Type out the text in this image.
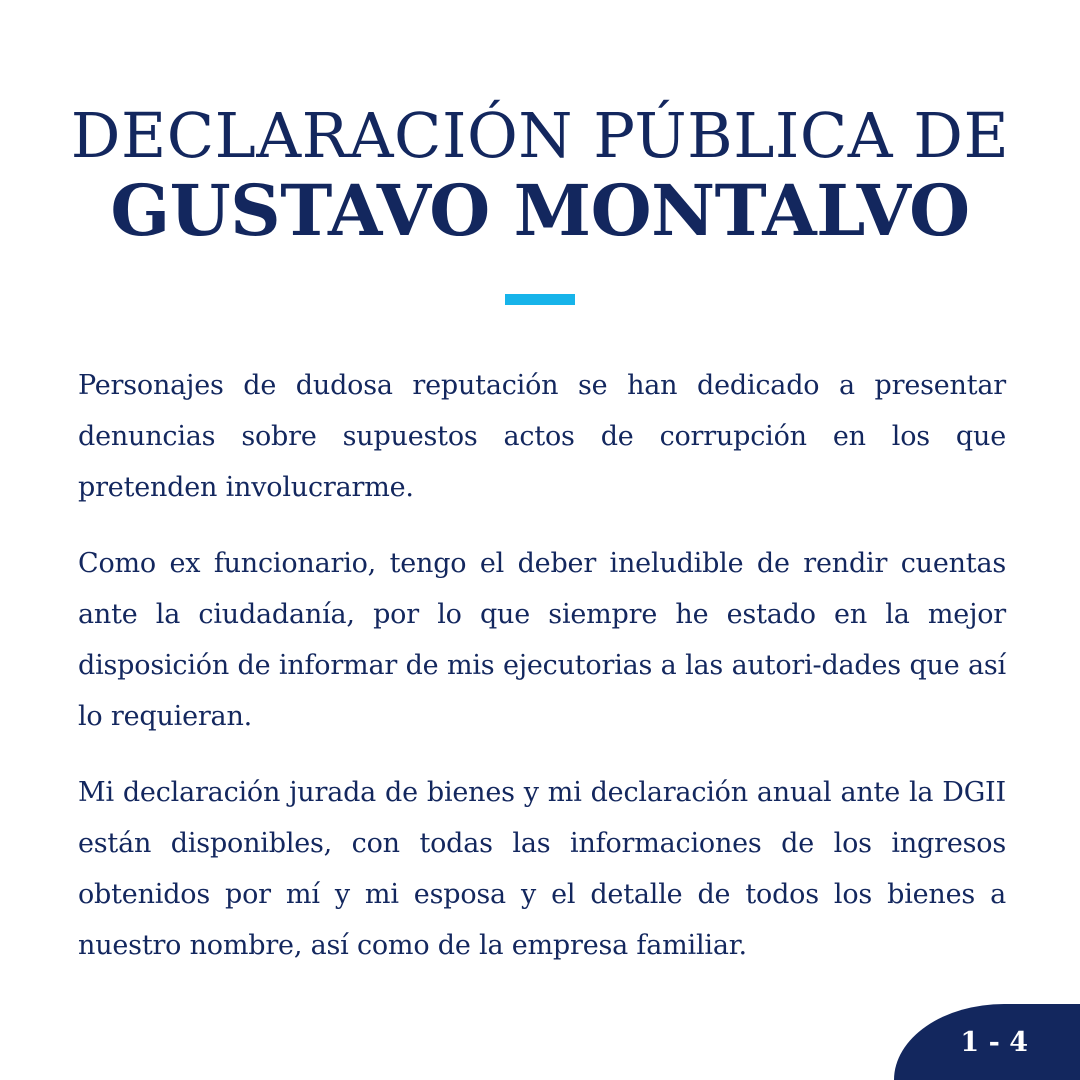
DECLARACIÓN PÚBLICA DE
GUSTAVO MONTALVO

Personajes de dudosa reputación se han dedicado a presentar denuncias sobre supuestos actos de corrupción en los que pretenden involucrarme.

Como ex funcionario, tengo el deber ineludible de rendir cuentas ante la ciudadanía, por lo que siempre he estado en la mejor disposición de informar de mis ejecutorias a las autori-dades que así lo requieran.

Mi declaración jurada de bienes y mi declaración anual ante la DGII están disponibles, con todas las informaciones de los ingresos obtenidos por mí y mi esposa y el detalle de todos los bienes a nuestro nombre, así como de la empresa familiar.

1 - 4
